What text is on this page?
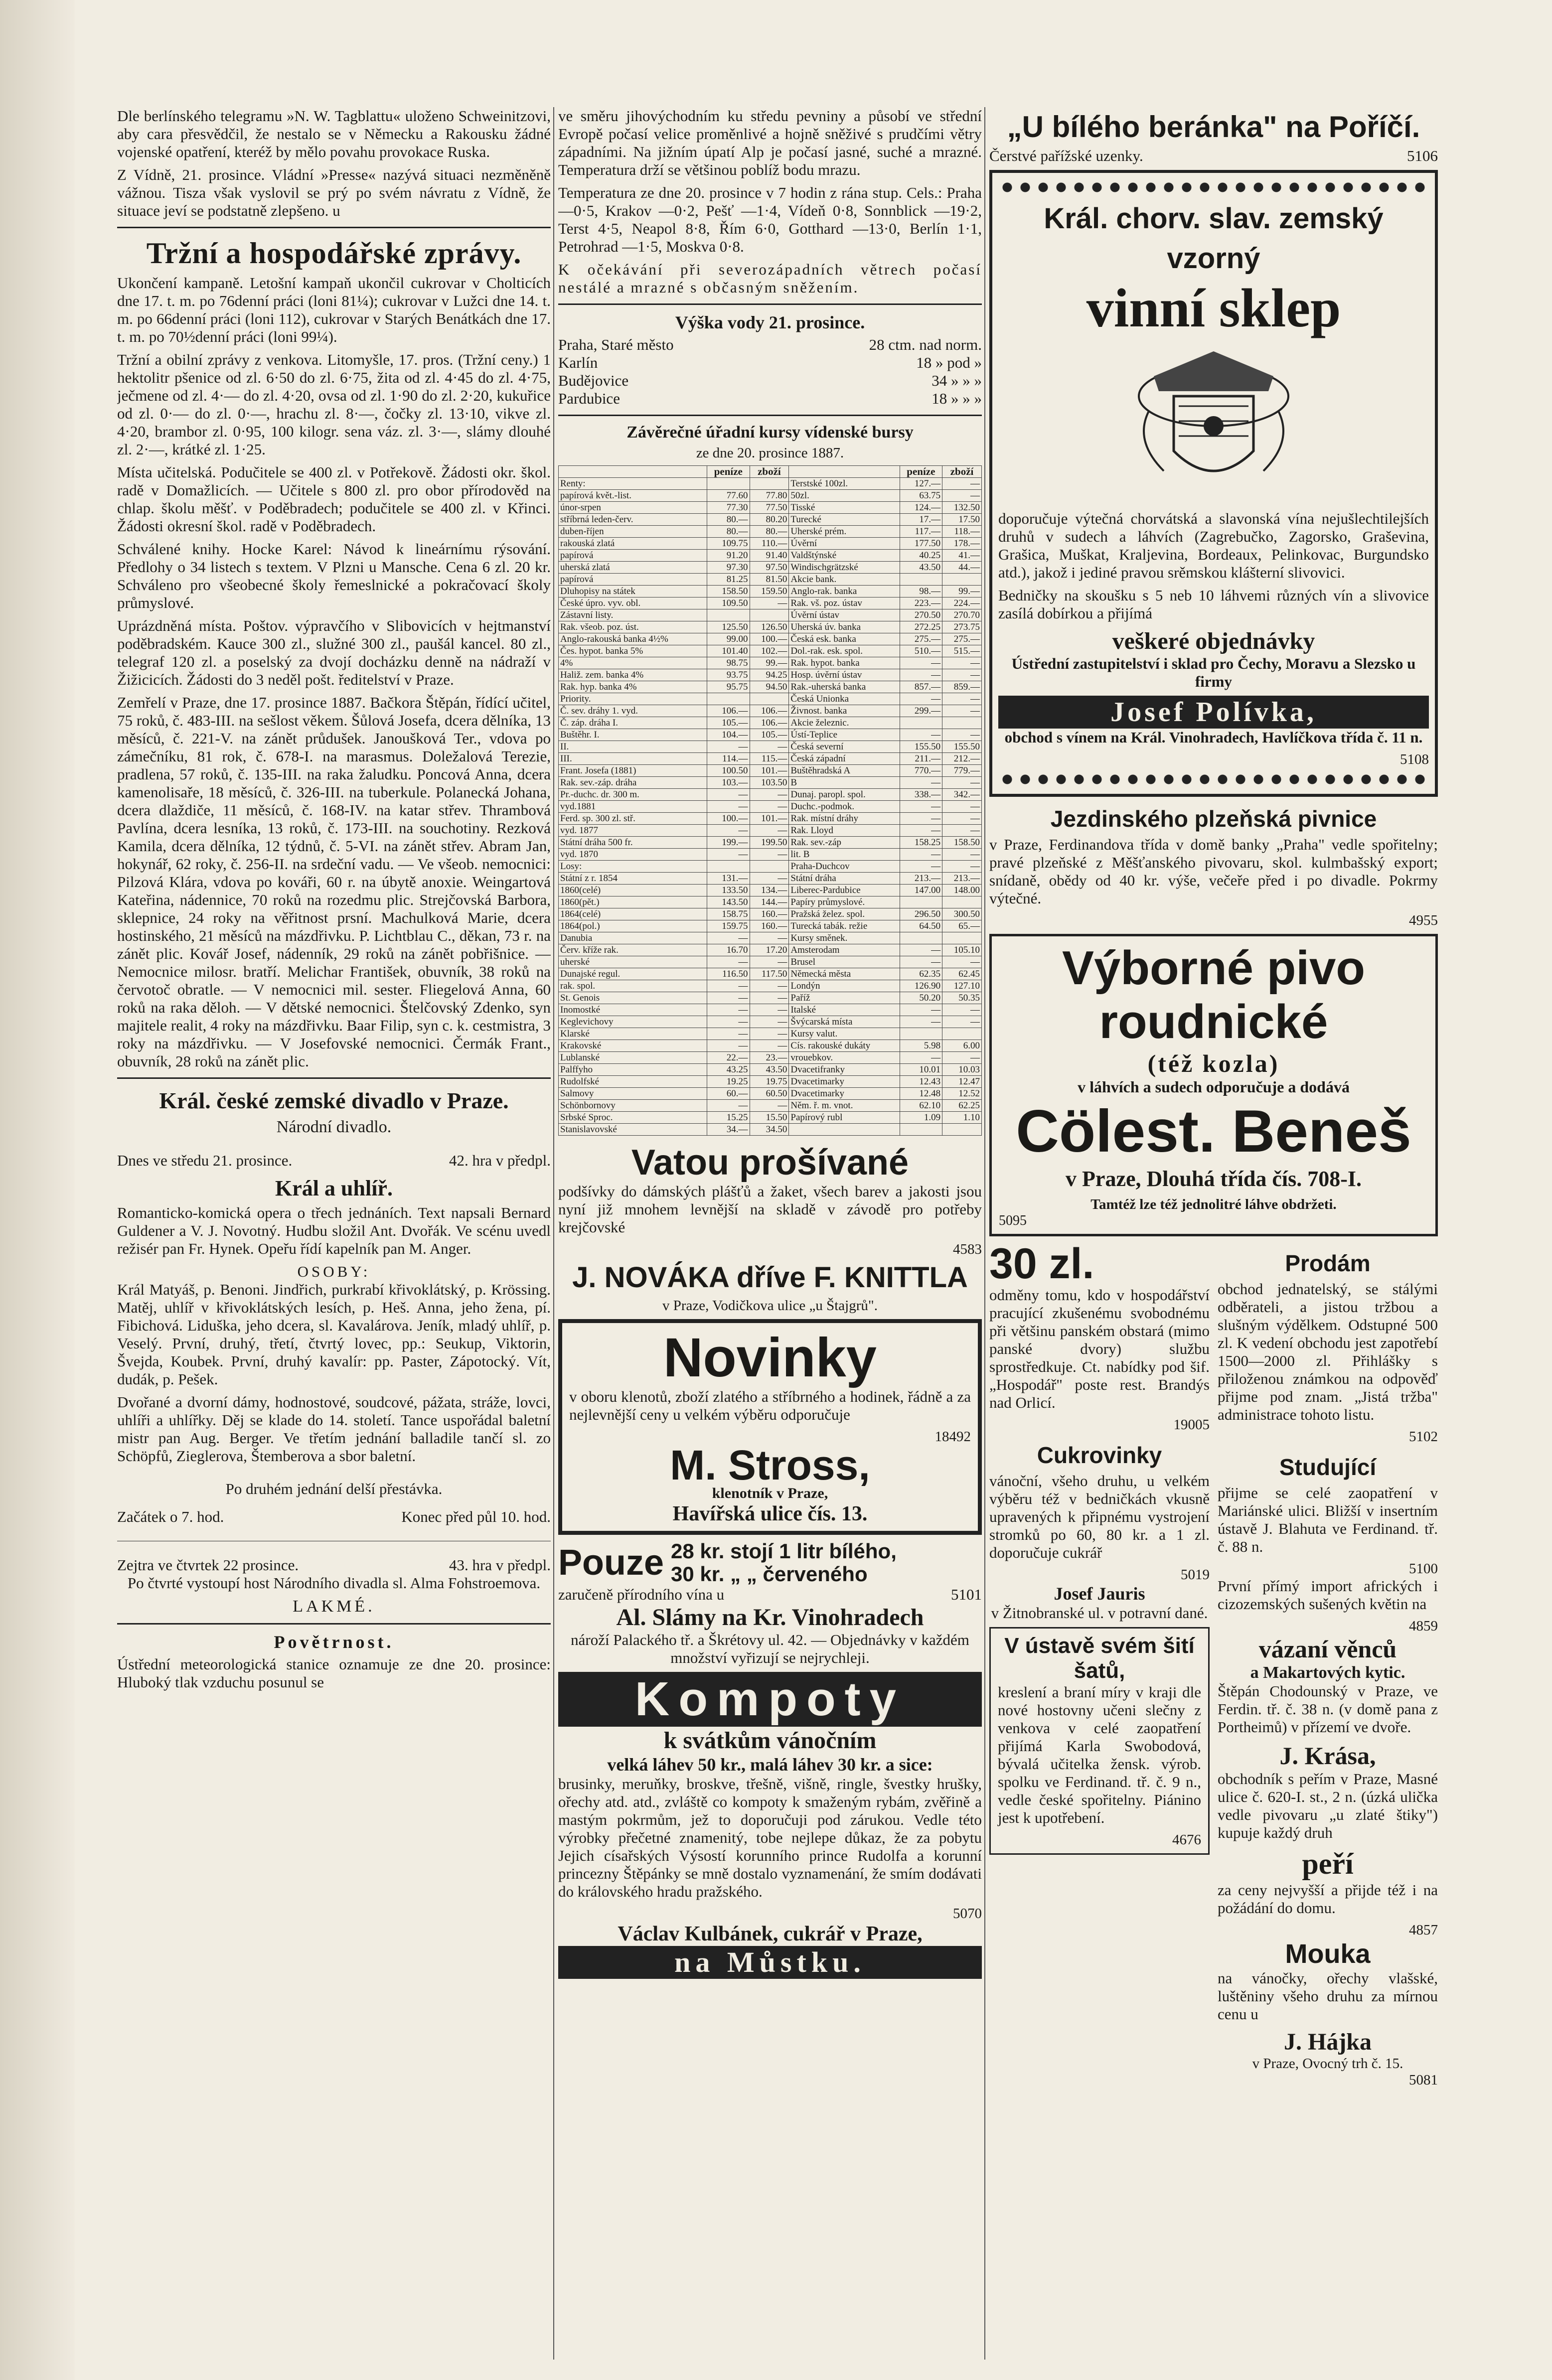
Dle berlínského telegramu »N. W. Tagblattu« uloženo Schweinitzovi, aby cara přesvědčil, že nestalo se v Německu a Rakousku žádné vojenské opatření, kteréž by mělo povahu provokace Ruska.

Z Vídně, 21. prosince. Vládní »Presse« nazývá situaci nezměněně vážnou. Tisza však vyslovil se prý po svém návratu z Vídně, že situace jeví se podstatně zlepšeno. u

Tržní a hospodářské zprávy.

Ukončení kampaně. Letošní kampaň ukončil cukrovar v Cholticích dne 17. t. m. po 76denní práci (loni 81¼); cukrovar v Lužci dne 14. t. m. po 66denní práci (loni 112), cukrovar v Starých Benátkách dne 17. t. m. po 70½denní práci (loni 99¼).

Tržní a obilní zprávy z venkova. Litomyšle, 17. pros. (Tržní ceny.) 1 hektolitr pšenice od zl. 6·50 do zl. 6·75, žita od zl. 4·45 do zl. 4·75, ječmene od zl. 4·— do zl. 4·20, ovsa od zl. 1·90 do zl. 2·20, kukuřice od zl. 0·— do zl. 0·—, hrachu zl. 8·—, čočky zl. 13·10, vikve zl. 4·20, brambor zl. 0·95, 100 kilogr. sena váz. zl. 3·—, slámy dlouhé zl. 2·—, krátké zl. 1·25.

Místa učitelská. Podučitele se 400 zl. v Potřekově. Žádosti okr. škol. radě v Domažlicích. — Učitele s 800 zl. pro obor přírodověd na chlap. školu měšť. v Poděbradech; podučitele se 400 zl. v Křinci. Žádosti okresní škol. radě v Poděbradech.

Schválené knihy. Hocke Karel: Návod k lineárnímu rýsování. Předlohy o 34 listech s textem. V Plzni u Mansche. Cena 6 zl. 20 kr. Schváleno pro všeobecné školy řemeslnické a pokračovací školy průmyslové.

Uprázdněná místa. Poštov. výpravčího v Slibovicích v hejtmanství poděbradském. Kauce 300 zl., služné 300 zl., paušál kancel. 80 zl., telegraf 120 zl. a poselský za dvojí docházku denně na nádraží v Žižicicích. Žádosti do 3 neděl pošt. ředitelství v Praze.

Zemřelí v Praze, dne 17. prosince 1887. Bačkora Štěpán, řídící učitel, 75 roků, č. 483-III. na sešlost věkem. Šůlová Josefa, dcera dělníka, 13 měsíců, č. 221-V. na zánět průdušek. Janoušková Ter., vdova po zámečníku, 81 rok, č. 678-I. na marasmus. Doležalová Terezie, pradlena, 57 roků, č. 135-III. na raka žaludku. Poncová Anna, dcera kamenolisaře, 18 měsíců, č. 326-III. na tuberkule. Polanecká Johana, dcera dlaždiče, 11 měsíců, č. 168-IV. na katar střev. Thrambová Pavlína, dcera lesníka, 13 roků, č. 173-III. na souchotiny. Rezková Kamila, dcera dělníka, 12 týdnů, č. 5-VI. na zánět střev. Abram Jan, hokynář, 62 roky, č. 256-II. na srdeční vadu. — Ve všeob. nemocnici: Pilzová Klára, vdova po kováři, 60 r. na úbytě anoxie. Weingartová Kateřina, nádennice, 70 roků na rozedmu plic. Strejčovská Barbora, sklepnice, 24 roky na věřitnost prsní. Machulková Marie, dcera hostinského, 21 měsíců na mázdřivku. P. Lichtblau C., děkan, 73 r. na zánět plic. Kovář Josef, nádenník, 29 roků na zánět pobřišnice. — Nemocnice milosr. bratří. Melichar František, obuvník, 38 roků na červotoč obratle. — V nemocnici mil. sester. Fliegelová Anna, 60 roků na raka děloh. — V dětské nemocnici. Štelčovský Zdenko, syn majitele realit, 4 roky na mázdřivku. Baar Filip, syn c. k. cestmistra, 3 roky na mázdřivku. — V Josefovské nemocnici. Čermák Frant., obuvník, 28 roků na zánět plic.

Král. české zemské divadlo v Praze.
Národní divadlo.
Dnes ve středu 21. prosince.	42. hra v předpl.
Král a uhlíř.

Romanticko-komická opera o třech jednáních. Text napsali Bernard Guldener a V. J. Novotný. Hudbu složil Ant. Dvořák. Ve scénu uvedl režisér pan Fr. Hynek. Opeřu řídí kapelník pan M. Anger.

OSOBY:

Král Matyáš, p. Benoni. Jindřich, purkrabí křivoklátský, p. Krössing. Matěj, uhlíř v křivoklátských lesích, p. Heš. Anna, jeho žena, pí. Fibichová. Liduška, jeho dcera, sl. Kavalárova. Jeník, mladý uhlíř, p. Veselý. První, druhý, třetí, čtvrtý lovec, pp.: Seukup, Viktorin, Švejda, Koubek. První, druhý kavalír: pp. Paster, Zápotocký. Vít, dudák, p. Pešek.

Dvořané a dvorní dámy, hodnostové, soudcové, pážata, stráže, lovci, uhlíři a uhlířky. Děj se klade do 14. století. Tance uspořádal baletní mistr pan Aug. Berger. Ve třetím jednání balladile tančí sl. zo Schöpfů, Zieglerova, Štemberova a sbor baletní.

Po druhém jednání delší přestávka.
Začátek o 7. hod.	Konec před půl 10. hod.
Zejtra ve čtvrtek 22 prosince.	43. hra v předpl.

Po čtvrté vystoupí host Národního divadla sl. Alma Fohstroemova.

LAKMÉ.
Povětrnost.

Ústřední meteorologická stanice oznamuje ze dne 20. prosince: Hluboký tlak vzduchu posunul se

ve směru jihovýchodním ku středu pevniny a působí ve střední Evropě počasí velice proměnlivé a hojně sněživé s prudčími větry západními. Na jižním úpatí Alp je počasí jasné, suché a mrazné. Temperatura drží se většinou poblíž bodu mrazu.

Temperatura ze dne 20. prosince v 7 hodin z rána stup. Cels.: Praha —0·5, Krakov —0·2, Pešť —1·4, Vídeň 0·8, Sonnblick —19·2, Terst 4·5, Neapol 8·8, Řím 6·0, Gotthard —13·0, Berlín 1·1, Petrohrad —1·5, Moskva 0·8.

K očekávání při severozápadních větrech počasí nestálé a mrazné s občasným sněžením.

Výška vody 21. prosince.
Praha, Staré město	28 ctm. nad norm.
Karlín	18 » pod »
Budějovice	34 » » »
Pardubice	18 » » »
Závěrečné úřadní kursy vídenské bursy
ze dne 20. prosince 1887.
	peníze	zboží		peníze	zboží
Renty:			Terstské 100zl.	127.—	—
papírová květ.-list.	77.60	77.80	50zl.	63.75	—
únor-srpen	77.30	77.50	Tisské	124.—	132.50
stříbrná leden-červ.	80.—	80.20	Turecké	17.—	17.50
duben-říjen	80.—	80.—	Uherské prém.	117.—	118.—
rakouská zlatá	109.75	110.—	Úvěrní	177.50	178.—
papírová	91.20	91.40	Valdštýnské	40.25	41.—
uherská zlatá	97.30	97.50	Windischgrätzské	43.50	44.—
papírová	81.25	81.50	Akcie bank.		
Dluhopisy na státek	158.50	159.50	Anglo-rak. banka	98.—	99.—
České úpro. vyv. obl.	109.50	—	Rak. vš. poz. ústav	223.—	224.—
Zástavní listy.			Úvěrní ústav	270.50	270.70
Rak. všeob. poz. úst.	125.50	126.50	Uherská úv. banka	272.25	273.75
Anglo-rakouská banka 4½%	99.00	100.—	Česká esk. banka	275.—	275.—
Čes. hypot. banka 5%	101.40	102.—	Dol.-rak. esk. spol.	510.—	515.—
4%	98.75	99.—	Rak. hypot. banka	—	—
Haliž. zem. banka 4%	93.75	94.25	Hosp. úvěrní ústav	—	—
Rak. hyp. banka 4%	95.75	94.50	Rak.-uherská banka	857.—	859.—
Priority.			Česká Unionka	—	—
Č. sev. dráhy 1. vyd.	106.—	106.—	Živnost. banka	299.—	—
Č. záp. dráha I.	105.—	106.—	Akcie železnic.		
Buštěhr. I.	104.—	105.—	Ústí-Teplice	—	—
II.	—	—	Česká severní	155.50	155.50
III.	114.—	115.—	Česká západní	211.—	212.—
Frant. Josefa (1881)	100.50	101.—	Buštěhradská A	770.—	779.—
Rak. sev.-záp. dráha	103.—	103.50	B	—	—
Pr.-duchc. dr. 300 m.	—	—	Dunaj. paropl. spol.	338.—	342.—
vyd.1881	—	—	Duchc.-podmok.	—	—
Ferd. sp. 300 zl. stř.	100.—	101.—	Rak. místní dráhy	—	—
vyd. 1877	—	—	Rak. Lloyd	—	—
Státní dráha 500 fr.	199.—	199.50	Rak. sev.-záp	158.25	158.50
vyd. 1870	—	—	lit. B	—	—
Losy:			Praha-Duchcov	—	—
Státní z r. 1854	131.—	—	Státní dráha	213.—	213.—
1860(celé)	133.50	134.—	Liberec-Pardubice	147.00	148.00
1860(pět.)	143.50	144.—	Papíry průmyslové.		
1864(celé)	158.75	160.—	Pražská želez. spol.	296.50	300.50
1864(pol.)	159.75	160.—	Turecká tabák. režie	64.50	65.—
Danubia	—	—	Kursy směnek.		
Červ. kříže rak.	16.70	17.20	Amsterodam	—	105.10
uherské	—	—	Brusel	—	—
Dunajské regul.	116.50	117.50	Německá města	62.35	62.45
rak. spol.	—	—	Londýn	126.90	127.10
St. Genois	—	—	Paříž	50.20	50.35
Inomostké	—	—	Italské	—	—
Keglevichovy	—	—	Švýcarská místa	—	—
Klarské	—	—	Kursy valut.		
Krakovské	—	—	Cís. rakouské dukáty	5.98	6.00
Lublanské	22.—	23.—	vrouebkov.	—	—
Palffyho	43.25	43.50	Dvacetifranky	10.01	10.03
Rudolfské	19.25	19.75	Dvacetimarky	12.43	12.47
Salmovy	60.—	60.50	Dvacetimarky	12.48	12.52
Schönbornovy	—	—	Něm. ř. m. vnot.	62.10	62.25
Srbské Sproc.	15.25	15.50	Papírový rubl	1.09	1.10
Stanislavovské	34.—	34.50			
Vatou prošívané

podšívky do dámských plášťů a žaket, všech barev a jakosti jsou nyní již mnohem levnější na skladě v závodě pro potřeby krejčovské

4583
J. NOVÁKA dříve F. KNITTLA
v Praze, Vodičkova ulice „u Štajgrů".
Novinky

v oboru klenotů, zboží zlatého a stříbrného a hodinek, řádně a za nejlevnější ceny u velkém výběru odporučuje

18492
M. Stross,
klenotník v Praze,
Havířská ulice čís. 13.
Pouze 28 kr. stojí 1 litr bílého,
30 kr. „ „ červeného
zaručeně přírodního vína u	5101
Al. Slámy na Kr. Vinohradech

nároží Palackého tř. a Škrétovy ul. 42. — Objednávky v každém množství vyřizují se nejrychleji.

Kompoty
k svátkům vánočním
velká láhev 50 kr., malá láhev 30 kr. a sice:

brusinky, meruňky, broskve, třešně, višně, ringle, švestky hrušky, ořechy atd. atd., zvláště co kompoty k smaženým rybám, zvěřině a mastým pokrmům, jež to doporučuji pod zárukou. Vedle této výrobky přečetné znamenitý, tobe nejlepe důkaz, že za pobytu Jejich císařských Výsostí korunního prince Rudolfa a korunní princezny Štěpánky se mně dostalo vyznamenání, že smím dodávati do královského hradu pražského.

5070
Václav Kulbánek, cukrář v Praze,
na Můstku.
„U bílého beránka" na Poříčí.
Čerstvé pařížské uzenky.	5106
Král. chorv. slav. zemský vzorný
vinní sklep

doporučuje výtečná chorvátská a slavonská vína nejušlechtilejších druhů v sudech a láhvích (Zagrebučko, Zagorsko, Graševina, Grašica, Muškat, Kraljevina, Bordeaux, Pelinkovac, Burgundsko atd.), jakož i jediné pravou srěmskou klášterní slivovici.

Bedničky na skoušku s 5 neb 10 láhvemi různých vín a slivovice zasílá dobírkou a přijímá

veškeré objednávky

Ústřední zastupitelství i sklad pro Čechy, Moravu a Slezsko u firmy

Josef Polívka,

obchod s vínem na Král. Vinohradech, Havlíčkova třída č. 11 n.

5108
Jezdinského plzeňská pivnice

v Praze, Ferdinandova třída v domě banky „Praha" vedle spořitelny; pravé plzeňské z Měšťanského pivovaru, skol. kulmbašský export; snídaně, obědy od 40 kr. výše, večeře před i po divadle. Pokrmy výtečné.

4955
Výborné pivo roudnické
(též kozla)
v láhvích a sudech odporučuje a dodává
Cölest. Beneš
v Praze, Dlouhá třída čís. 708-I.
Tamtéž lze též jednolitré láhve obdržeti.
5095
30 zl.

odměny tomu, kdo v hospodářství pracující zkušenému svobodnému při většinu panském obstará (mimo panské dvory) službu sprostředkuje. Ct. nabídky pod šif. „Hospodář" poste rest. Brandýs nad Orlicí.

19005
Cukrovinky

vánoční, všeho druhu, u velkém výběru též v bedničkách vkusně upravených k připnému vystrojení stromků po 60, 80 kr. a 1 zl. doporučuje cukrář

5019
Josef Jauris

v Žitnobranské ul. v potravní dané.

V ústavě svém šití šatů,

kreslení a braní míry v kraji dle nové hostovny učeni slečny z venkova v celé zaopatření přijímá Karla Swobodová, bývalá učitelka žensk. výrob. spolku ve Ferdinand. tř. č. 9 n., vedle české spořitelny. Piánino jest k upotřebení.

4676
Prodám

obchod jednatelský, se stálými odběrateli, a jistou tržbou a slušným výdělkem. Odstupné 500 zl. K vedení obchodu jest zapotřebí 1500—2000 zl. Přihlášky s přiloženou známkou na odpověď přijme pod znam. „Jistá tržba" administrace tohoto listu.

5102
Studující

přijme se celé zaopatření v Mariánské ulici. Bližší v insertním ústavě J. Blahuta ve Ferdinand. tř. č. 88 n.

5100

První přímý import afrických i cizozemských sušených květin na

4859
vázaní věnců
a Makartových kytic.

Štěpán Chodounský v Praze, ve Ferdin. tř. č. 38 n. (v domě pana z Portheimů) v přízemí ve dvoře.

J. Krása,

obchodník s peřím v Praze, Masné ulice č. 620-I. st., 2 n. (úzká ulička vedle pivovaru „u zlaté štiky") kupuje každý druh

peří

za ceny nejvyšší a přijde též i na požádání do domu.

4857
Mouka

na vánočky, ořechy vlašské, luštěniny všeho druhu za mírnou cenu u

J. Hájka
v Praze, Ovocný trh č. 15.
5081
